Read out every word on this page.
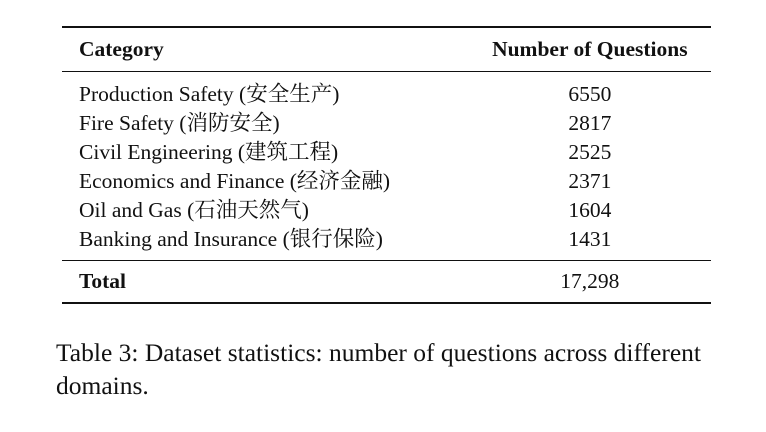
Category	Number of Questions
Production Safety (安全生产)	6550
Fire Safety (消防安全)	2817
Civil Engineering (建筑工程)	2525
Economics and Finance (经济金融)	2371
Oil and Gas (石油天然气)	1604
Banking and Insurance (银行保险)	1431
Total	17,298
Table 3: Dataset statistics: number of questions across different domains.
